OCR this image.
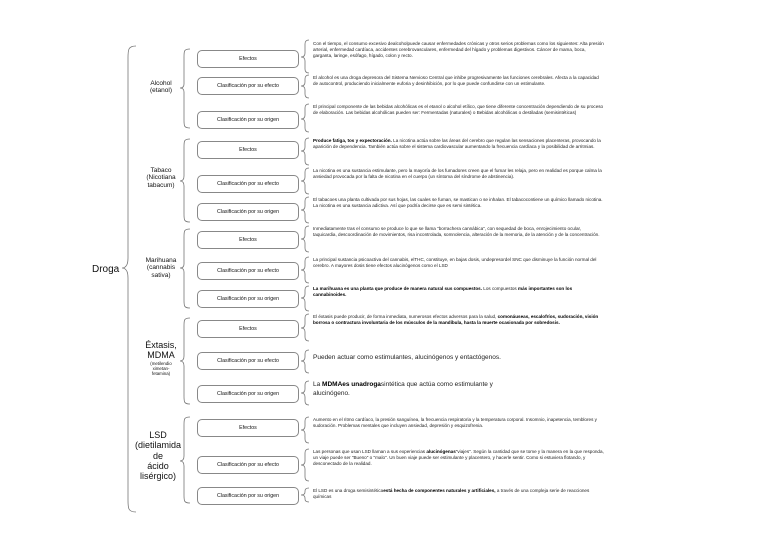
Droga
Alcohol
(etanol)
Efectos
Con el tiempo, el consumo excesivo dealcoholpuede causar enfermedades crónicas y otros serios problemas como los siguientes: Alta presión arterial, enfermedad cardíaca, accidentes cerebrovasculares, enfermedad del hígado y problemas digestivos. Cáncer de mama, boca, garganta, laringe, esófago, hígado, colon y recto.
Clasificación por su efecto
El alcohol es una droga depresora del Sistema Nervioso Central que inhibe progresivamente las funciones cerebrales. Afecta a la capacidad de autocontrol, produciendo inicialmente euforia y desinhibición, por lo que puede confundirse con un estimulante.
Clasificación por su origen
El principal componente de las bebidas alcohólicas es el etanol o alcohol etílico, que tiene diferente concentración dependiendo de su proceso de elaboración. Las bebidas alcohólicas pueden ser: Fermentadas (naturales) o Bebidas alcohólicas o destiladas (semisintéticas)
Tabaco
(Nicotiana
tabacum)
Efectos
Produce fatiga, tos y expectoración. La nicotina actúa sobre las áreas del cerebro que regulan las sensaciones placenteras, provocando la aparición de dependencia. También actúa sobre el sistema cardiovascular aumentando la frecuencia cardíaca y la posibilidad de arritmias.
Clasificación por su efecto
La nicotina es una sustancia estimulante, pero la mayoría de los fumadores creen que el fumar les relaja, pero en realidad es porque calma la ansiedad provocada por la falta de nicotina en el cuerpo (un síntoma del síndrome de abstinencia).
Clasificación por su origen
El tabacoes una planta cultivada por sus hojas, las cuales se fuman, se mastican o se inhalan. El tabacocontiene un químico llamado nicotina. La nicotina es una sustancia adictiva. Así que podría decirse que es semi sintética.
Marihuana
(cannabis
sativa)
Efectos
Inmediatamente tras el consumo se produce lo que se llama "borrachera cannábica", con sequedad de boca, enrojecimiento ocular, taquicardia, descoordinación de movimientos, risa incontrolada, somnolencia, alteración de la memoria, de la atención y de la concentración.
Clasificación por su efecto
La principal sustancia psicoactiva del cannabis, elTHC, constituye, en bajas dosis, undepresordel SNC que disminuye la función normal del cerebro. A mayores dosis tiene efectos alucinógenos como el LSD
Clasificación por su origen
La marihuana es una planta que produce de manera natural sus compuestos. Los compuestos más importantes son los cannabinoides.
Éxtasis,
MDMA
(metilendio
ximetan-
fetamina)
Efectos
El éxtasis puede producir, de forma inmediata, numerosos efectos adversos para la salud, comonáuseas, escalofríos, sudoración, visión borrosa o contractura involuntaria de los músculos de la mandíbula, hasta la muerte ocasionada por sobredosis.
Clasificación por su efecto	Pueden actuar como estimulantes, alucinógenos y entactógenos.
Clasificación por su origen
La MDMAes unadrogasintética que actúa como estimulante y alucinógeno.
LSD
(dietilamida
de
ácido
lisérgico)
Efectos
Aumento en el ritmo cardíaco, la presión sanguínea, la frecuencia respiratoria y la temperatura corporal. Insomnio, inapetencia, temblores y sudoración. Problemas mentales que incluyen ansiedad, depresión y esquizofrenia.
Clasificación por su efecto
Las personas que usan LSD llaman a sus experiencias alucinógenas"viajes". Según la cantidad que se tome y la manera en la que responda, un viaje puede ser "Bueno" o "malo". Un buen viaje puede ser estimulante y placentero, y hacerle sentir. Como si estuviera flotando, y desconectado de la realidad.
Clasificación por su origen
El LSD es una droga semisintéticaestá hecha de componentes naturales y artificiales, a través de una compleja serie de reacciones químicas
